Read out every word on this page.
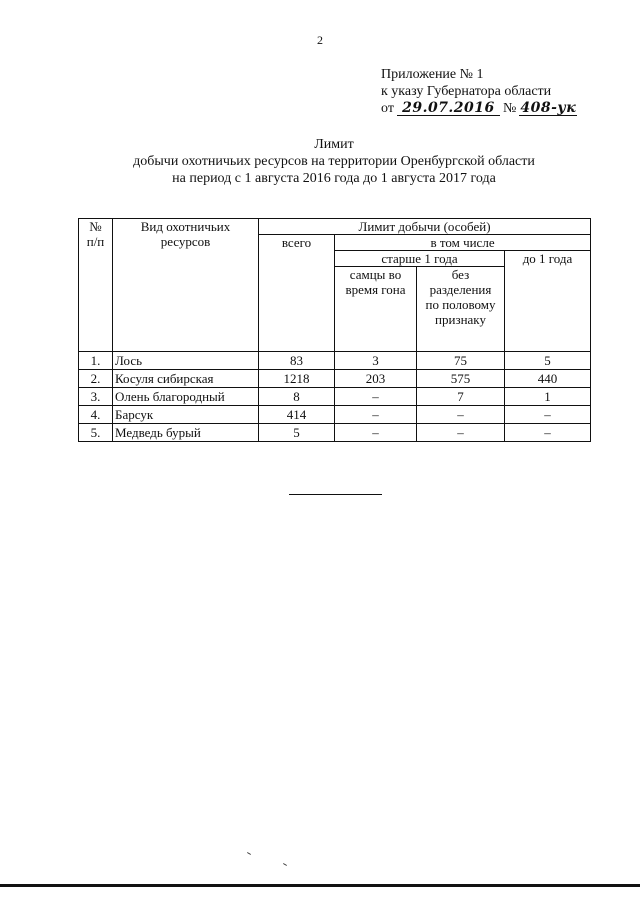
2
Приложение № 1
к указу Губернатора области
от 29.07.2016 № 408-ук
Лимит
добычи охотничьих ресурсов на территории Оренбургской области
на период с 1 августа 2016 года до 1 августа 2017 года
№ п/п	Вид охотничьих ресурсов	Лимит добычи (особей)			
		всего	в том числе		
			старше 1 года		до 1 года

			самцы во время гона	без разделения по половому признаку	

1.	Лось	83	3	75	5
2.	Косуля сибирская	1218	203	575	440
3.	Олень благородный	8	–	7	1
4.	Барсук	414	–	–	–
5.	Медведь бурый	5	–	–	–
